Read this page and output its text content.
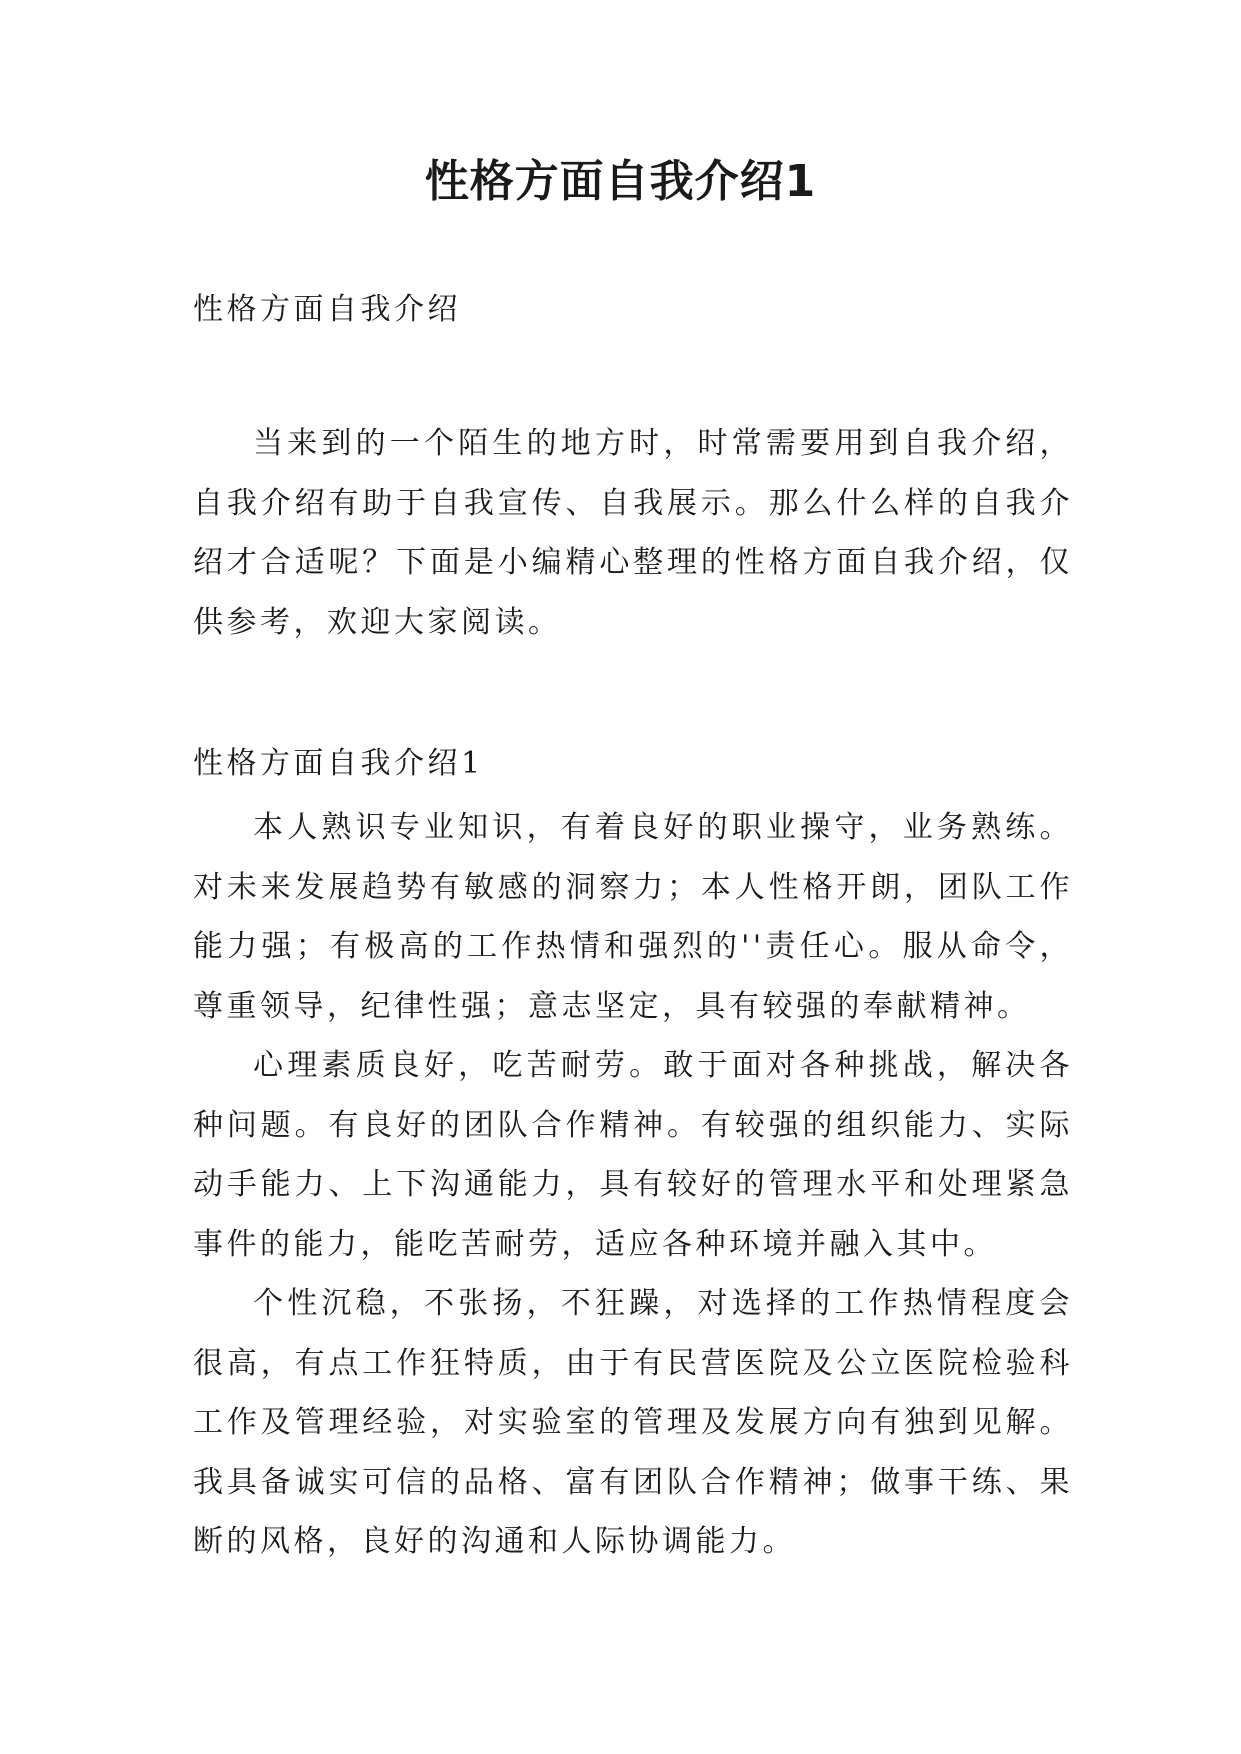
性格方面自我介绍1

性格方面自我介绍

当来到的一个陌生的地方时，时常需要用到自我介绍，自我介绍有助于自我宣传、自我展示。那么什么样的自我介绍才合适呢？下面是小编精心整理的性格方面自我介绍，仅供参考，欢迎大家阅读。

性格方面自我介绍1

本人熟识专业知识，有着良好的职业操守，业务熟练。对未来发展趋势有敏感的洞察力；本人性格开朗，团队工作能力强；有极高的工作热情和强烈的''责任心。服从命令，尊重领导，纪律性强；意志坚定，具有较强的奉献精神。

心理素质良好，吃苦耐劳。敢于面对各种挑战，解决各种问题。有良好的团队合作精神。有较强的组织能力、实际动手能力、上下沟通能力，具有较好的管理水平和处理紧急事件的能力，能吃苦耐劳，适应各种环境并融入其中。

个性沉稳，不张扬，不狂躁，对选择的工作热情程度会很高，有点工作狂特质，由于有民营医院及公立医院检验科工作及管理经验，对实验室的管理及发展方向有独到见解。我具备诚实可信的品格、富有团队合作精神；做事干练、果断的风格，良好的沟通和人际协调能力。
